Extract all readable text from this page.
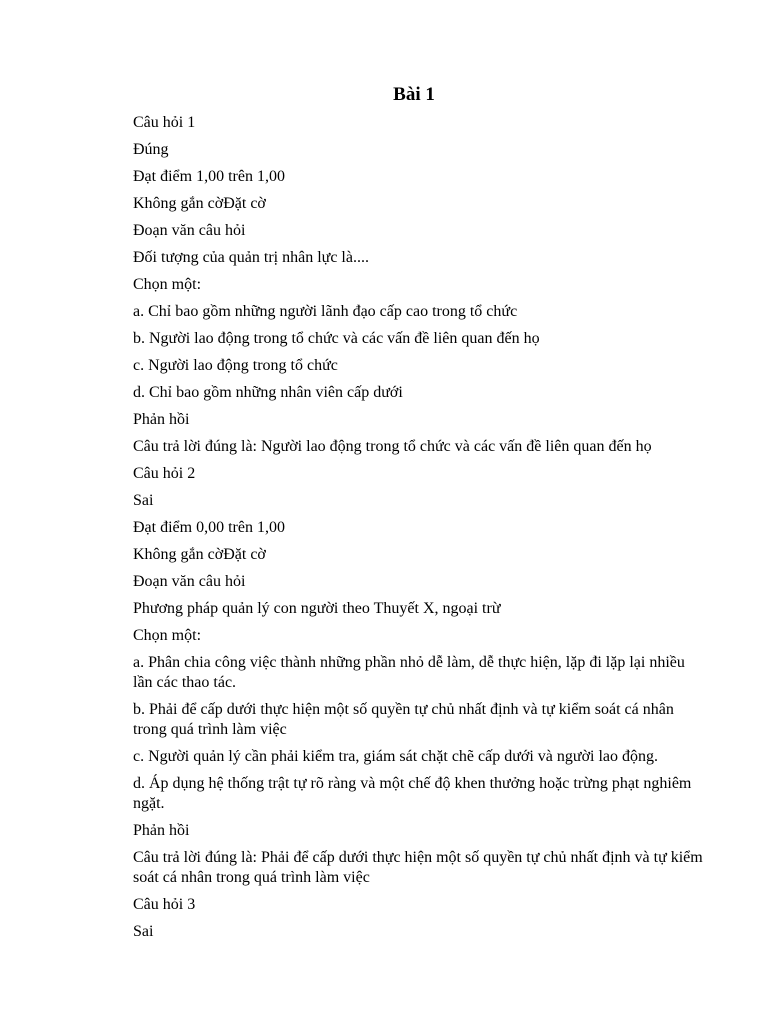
Bài 1

Câu hỏi 1

Đúng

Đạt điểm 1,00 trên 1,00

Không gắn cờĐặt cờ

Đoạn văn câu hỏi

Đối tượng của quản trị nhân lực là....

Chọn một:

a. Chỉ bao gồm những người lãnh đạo cấp cao trong tổ chức

b. Người lao động trong tổ chức và các vấn đề liên quan đến họ

c. Người lao động trong tổ chức

d. Chỉ bao gồm những nhân viên cấp dưới

Phản hồi

Câu trả lời đúng là: Người lao động trong tổ chức và các vấn đề liên quan đến họ

Câu hỏi 2

Sai

Đạt điểm 0,00 trên 1,00

Không gắn cờĐặt cờ

Đoạn văn câu hỏi

Phương pháp quản lý con người theo Thuyết X, ngoại trừ

Chọn một:

a. Phân chia công việc thành những phần nhỏ dễ làm, dễ thực hiện, lặp đi lặp lại nhiều lần các thao tác.

b. Phải để cấp dưới thực hiện một số quyền tự chủ nhất định và tự kiểm soát cá nhân trong quá trình làm việc

c. Người quản lý cần phải kiểm tra, giám sát chặt chẽ cấp dưới và người lao động.

d. Áp dụng hệ thống trật tự rõ ràng và một chế độ khen thưởng hoặc trừng phạt nghiêm ngặt.

Phản hồi

Câu trả lời đúng là: Phải để cấp dưới thực hiện một số quyền tự chủ nhất định và tự kiểm soát cá nhân trong quá trình làm việc

Câu hỏi 3

Sai
